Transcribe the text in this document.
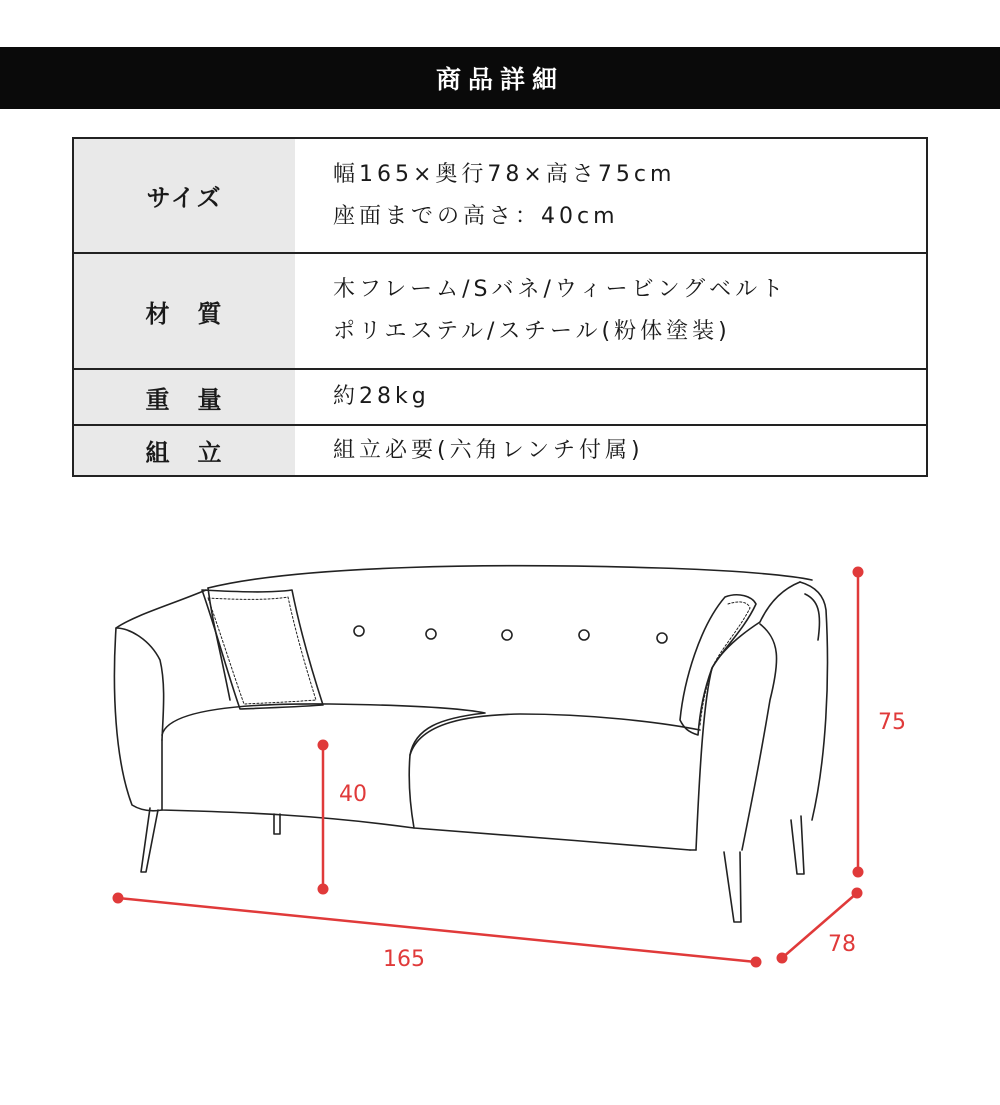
商品詳細
サイズ
幅165×奥行78×高さ75cm
座面までの高さ：40cm
材　質
木フレーム/Sバネ/ウィービングベルト
ポリエステル/スチール(粉体塗装)
重　量	約28kg
組　立	組立必要(六角レンチ付属)
165
78
75
40
